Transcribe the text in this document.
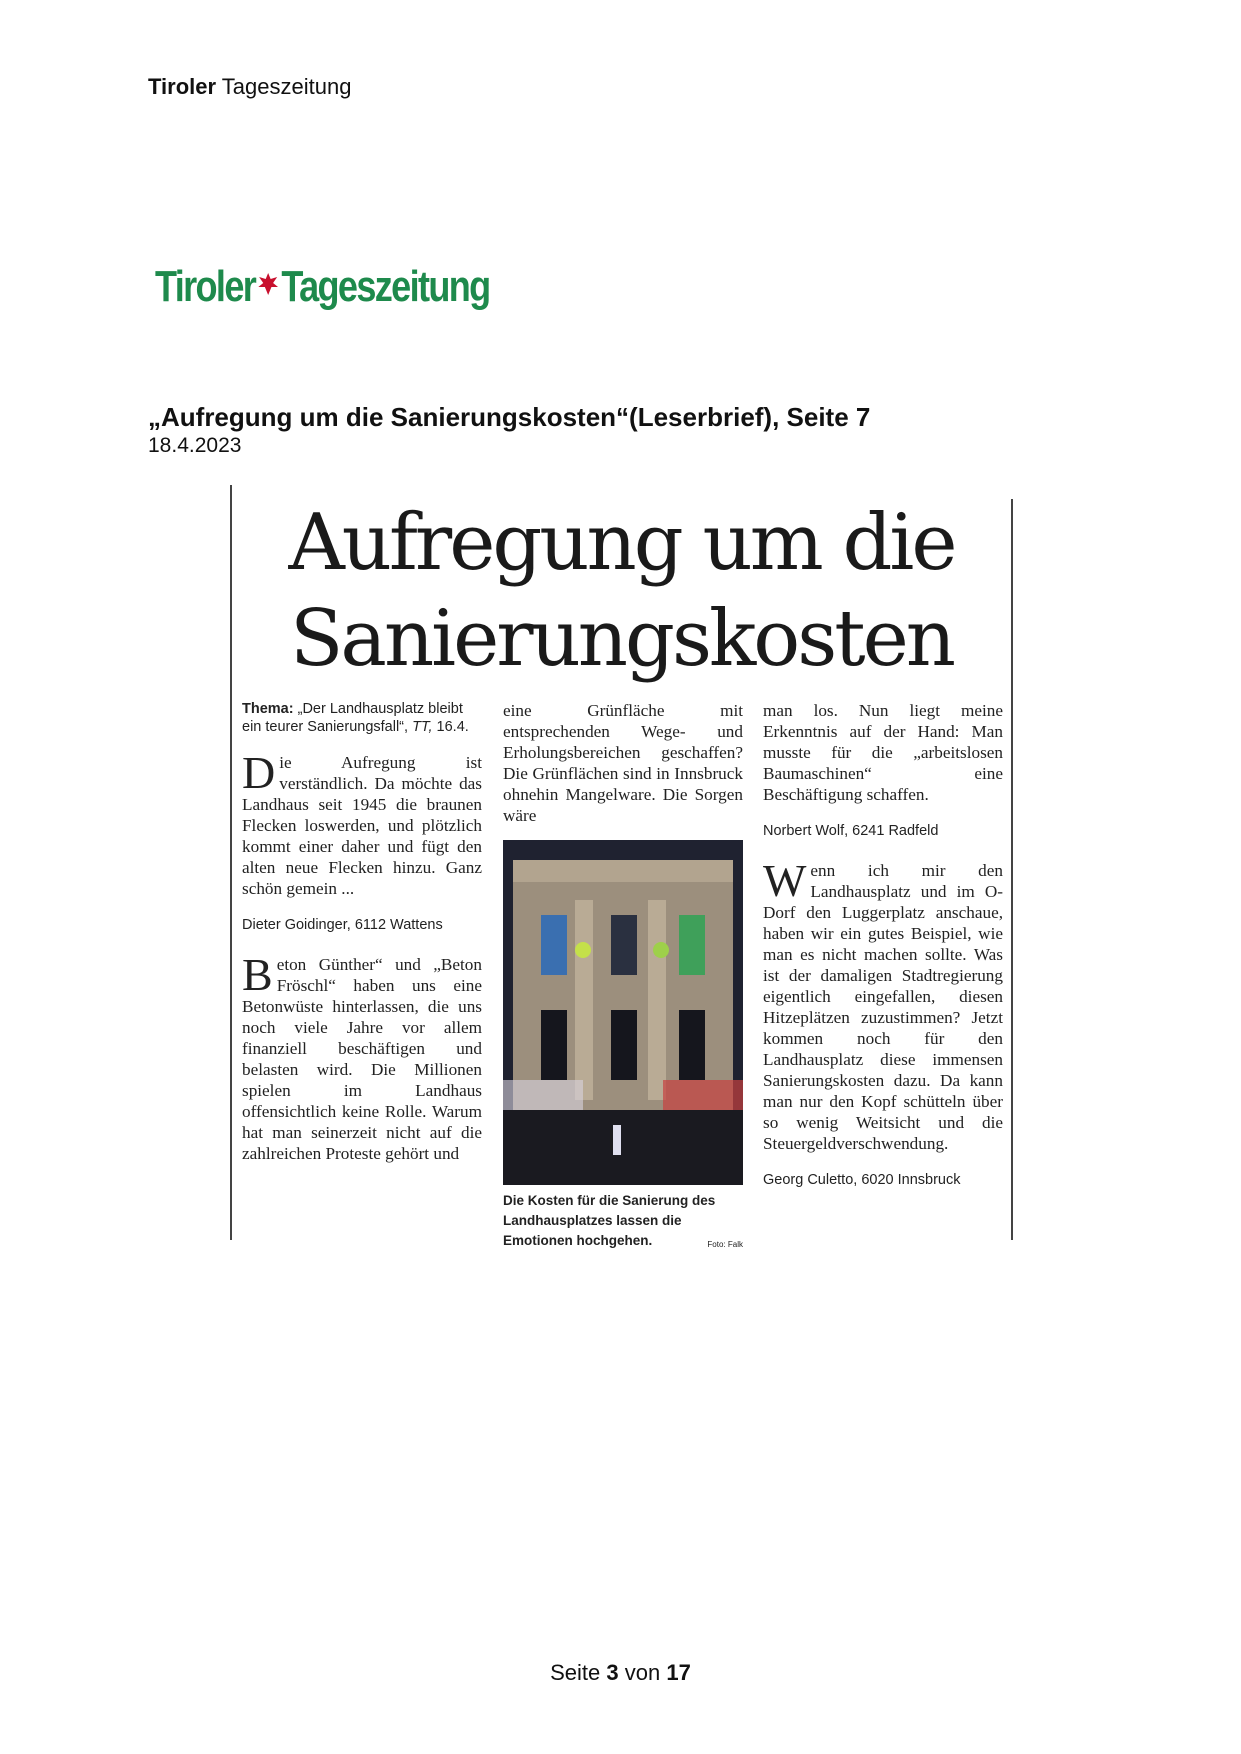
Tiroler Tageszeitung
Tiroler Tageszeitung
„Aufregung um die Sanierungskosten“(Leserbrief), Seite 7
18.4.2023
Aufregung um die
Sanierungskosten
Thema: „Der Landhausplatz bleibt ein teurer Sanierungsfall“, TT, 16.4.
Die Aufregung ist verständlich. Da möchte das Landhaus seit 1945 die braunen Flecken loswerden, und plötzlich kommt einer daher und fügt den alten neue Flecken hinzu. Ganz schön gemein ...
Dieter Goidinger, 6112 Wattens
Beton Günther“ und „Beton Fröschl“ haben uns eine Betonwüste hinterlassen, die uns noch viele Jahre vor allem finanziell beschäftigen und belasten wird. Die Millionen spielen im Landhaus offensichtlich keine Rolle. Warum hat man seinerzeit nicht auf die zahlreichen Proteste gehört und
eine Grünfläche mit entsprechenden Wege- und Erholungsbereichen geschaffen? Die Grünflächen sind in Innsbruck ohnehin Mangelware. Die Sorgen wäre
Die Kosten für die Sanierung des Landhausplatzes lassen die Emotionen hochgehen.	Foto: Falk
man los. Nun liegt meine Erkenntnis auf der Hand: Man musste für die „arbeitslosen Baumaschinen“ eine Beschäftigung schaffen.
Norbert Wolf, 6241 Radfeld
Wenn ich mir den Landhausplatz und im O-Dorf den Luggerplatz anschaue, haben wir ein gutes Beispiel, wie man es nicht machen sollte. Was ist der damaligen Stadtregierung eigentlich eingefallen, diesen Hitzeplätzen zuzustimmen? Jetzt kommen noch für den Landhausplatz diese immensen Sanierungskosten dazu. Da kann man nur den Kopf schütteln über so wenig Weitsicht und die Steuergeldverschwendung.
Georg Culetto, 6020 Innsbruck
Seite 3 von 17
